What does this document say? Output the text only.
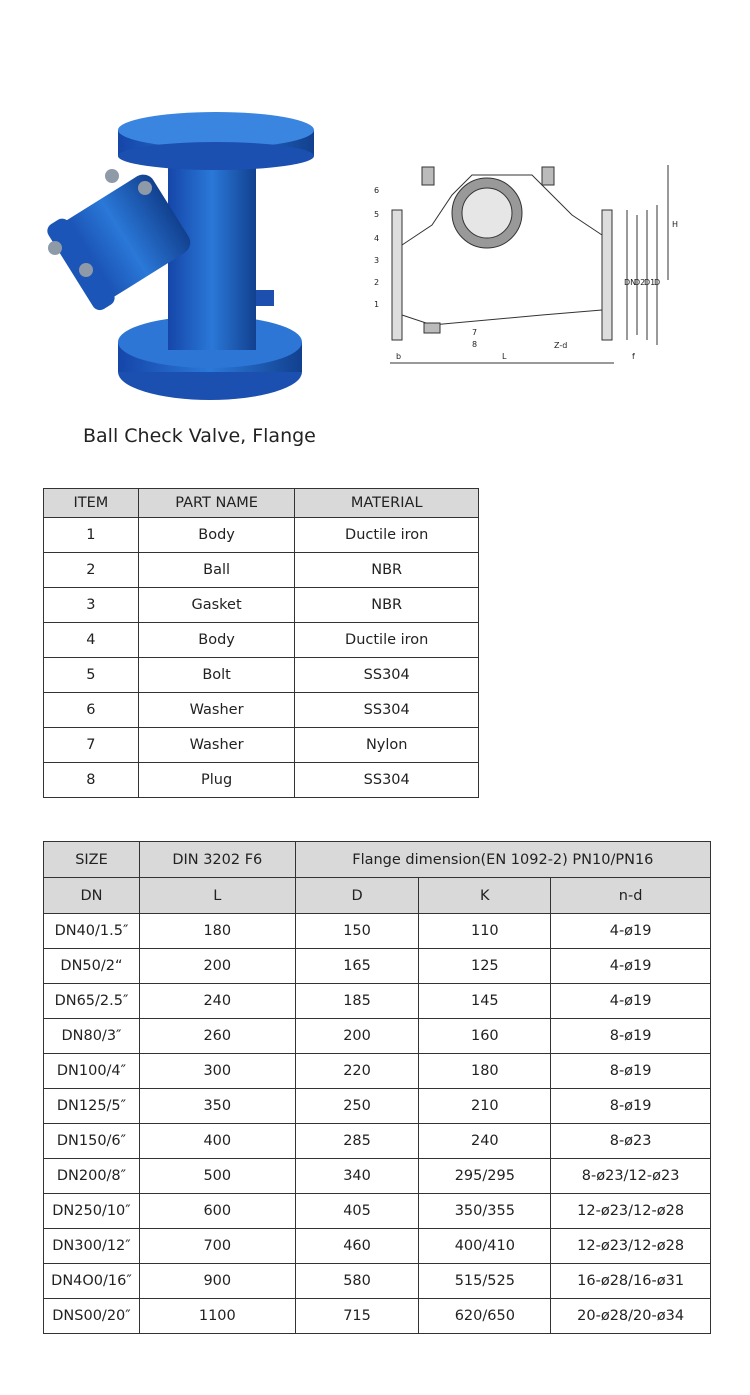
6
5
4
3
2
1
7
8
H
DN
D2
D1
D
b	L
Z-d
f
Ball Check Valve, Flange
ITEM	PART NAME	MATERIAL
1	Body	Ductile iron
2	Ball	NBR
3	Gasket	NBR
4	Body	Ductile iron
5	Bolt	SS304
6	Washer	SS304
7	Washer	Nylon
8	Plug	SS304
SIZE	DIN 3202 F6	Flange dimension(EN 1092-2) PN10/PN16		
DN	L	D	K	n-d
DN40/1.5″	180	150	110	4-ø19
DN50/2“	200	165	125	4-ø19
DN65/2.5″	240	185	145	4-ø19
DN80/3″	260	200	160	8-ø19
DN100/4″	300	220	180	8-ø19
DN125/5″	350	250	210	8-ø19
DN150/6″	400	285	240	8-ø23
DN200/8″	500	340	295/295	8-ø23/12-ø23
DN250/10″	600	405	350/355	12-ø23/12-ø28
DN300/12″	700	460	400/410	12-ø23/12-ø28
DN4O0/16″	900	580	515/525	16-ø28/16-ø31
DNS00/20″	1100	715	620/650	20-ø28/20-ø34
